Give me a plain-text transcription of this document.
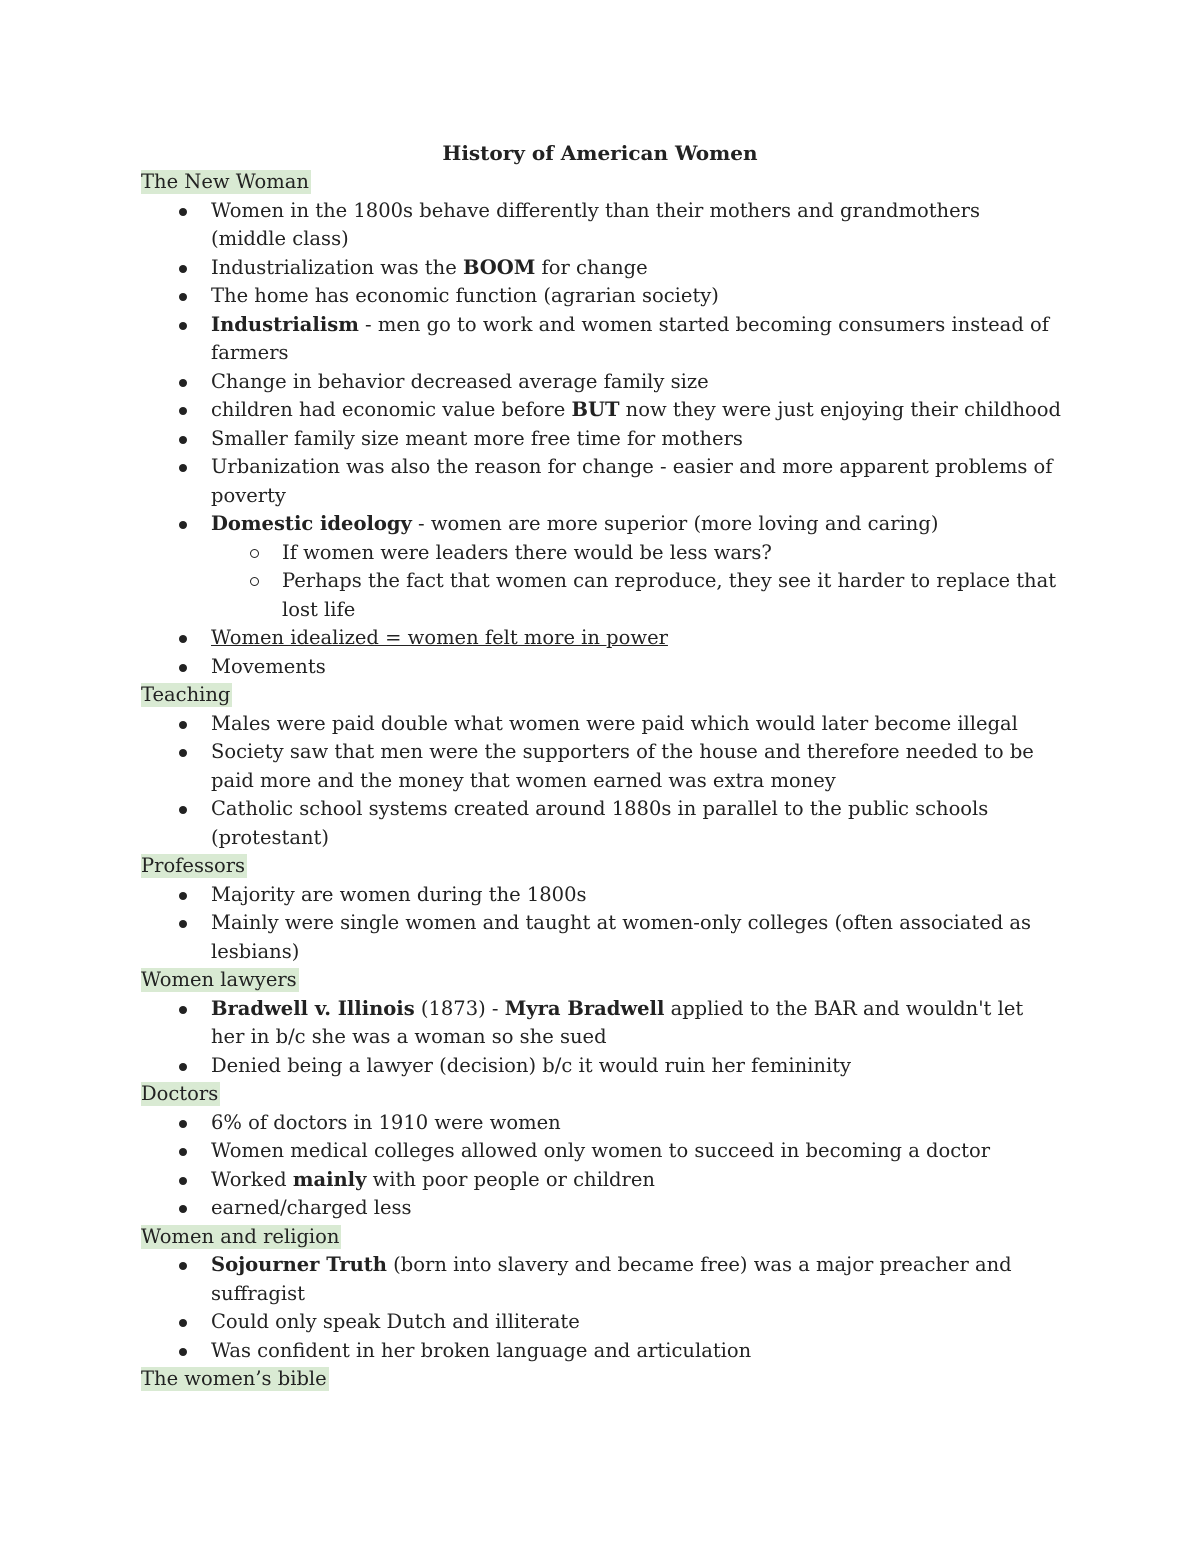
History of American Women
The New Woman
Women in the 1800s behave differently than their mothers and grandmothers (middle class)
Industrialization was the BOOM for change
The home has economic function (agrarian society)
Industrialism - men go to work and women started becoming consumers instead of farmers
Change in behavior decreased average family size
children had economic value before BUT now they were just enjoying their childhood
Smaller family size meant more free time for mothers
Urbanization was also the reason for change - easier and more apparent problems of poverty
Domestic ideology - women are more superior (more loving and caring)
If women were leaders there would be less wars?
Perhaps the fact that women can reproduce, they see it harder to replace that lost life
Women idealized = women felt more in power
Movements
Teaching
Males were paid double what women were paid which would later become illegal
Society saw that men were the supporters of the house and therefore needed to be paid more and the money that women earned was extra money
Catholic school systems created around 1880s in parallel to the public schools (protestant)
Professors
Majority are women during the 1800s
Mainly were single women and taught at women-only colleges (often associated as lesbians)
Women lawyers
Bradwell v. Illinois (1873) - Myra Bradwell applied to the BAR and wouldn't let her in b/c she was a woman so she sued
Denied being a lawyer (decision) b/c it would ruin her femininity
Doctors
6% of doctors in 1910 were women
Women medical colleges allowed only women to succeed in becoming a doctor
Worked mainly with poor people or children
earned/charged less
Women and religion
Sojourner Truth (born into slavery and became free) was a major preacher and suffragist
Could only speak Dutch and illiterate
Was confident in her broken language and articulation
The women’s bible
